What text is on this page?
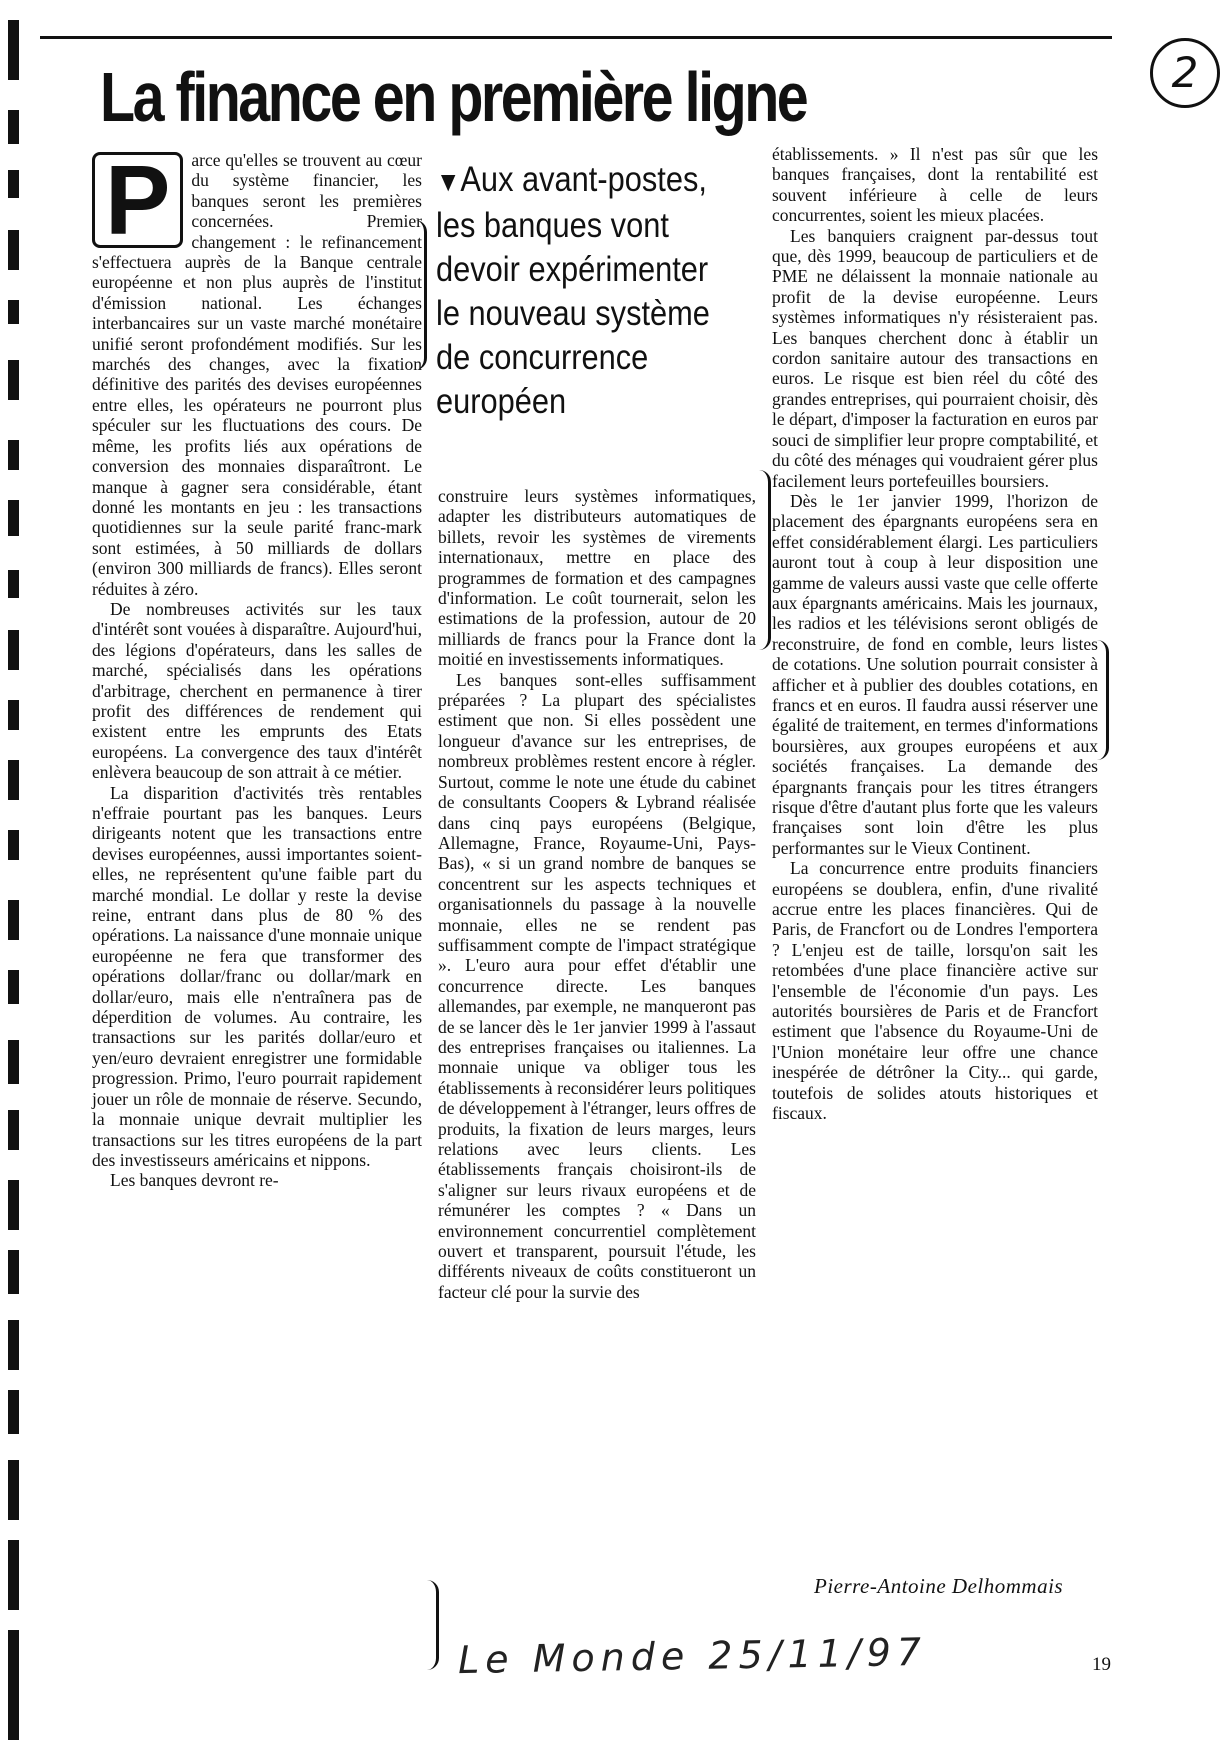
La finance en première ligne	2
▼Aux avant-postes, les banques vont devoir expérimenter le nouveau système de concurrence européen

P	arce qu'elles se trouvent au cœur du système financier, les banques seront les premières concernées. Premier changement : le refinancement s'effectuera auprès de la Banque centrale européenne et non plus auprès de l'institut d'émission national. Les échanges interbancaires sur un vaste marché monétaire unifié seront profondément modifiés. Sur les marchés des changes, avec la fixation définitive des parités des devises européennes entre elles, les opérateurs ne pourront plus spéculer sur les fluctuations des cours. De même, les profits liés aux opérations de conversion des monnaies disparaîtront. Le manque à gagner sera considérable, étant donné les montants en jeu : les transactions quotidiennes sur la seule parité franc-mark sont estimées, à 50 milliards de dollars (environ 300 milliards de francs). Elles seront réduites à zéro.

De nombreuses activités sur les taux d'intérêt sont vouées à disparaître. Aujourd'hui, des légions d'opérateurs, dans les salles de marché, spécialisés dans les opérations d'arbitrage, cherchent en permanence à tirer profit des différences de rendement qui existent entre les emprunts des Etats européens. La convergence des taux d'intérêt enlèvera beaucoup de son attrait à ce métier.

La disparition d'activités très rentables n'effraie pourtant pas les banques. Leurs dirigeants notent que les transactions entre devises européennes, aussi importantes soient-elles, ne représentent qu'une faible part du marché mondial. Le dollar y reste la devise reine, entrant dans plus de 80 % des opérations. La naissance d'une monnaie unique européenne ne fera que transformer des opérations dollar/franc ou dollar/mark en dollar/euro, mais elle n'entraînera pas de déperdition de volumes. Au contraire, les transactions sur les parités dollar/euro et yen/euro devraient enregistrer une formidable progression. Primo, l'euro pourrait rapidement jouer un rôle de monnaie de réserve. Secundo, la monnaie unique devrait multiplier les transactions sur les titres européens de la part des investisseurs américains et nippons.

Les banques devront re-

construire leurs systèmes informatiques, adapter les distributeurs automatiques de billets, revoir les systèmes de virements internationaux, mettre en place des programmes de formation et des campagnes d'information. Le coût tournerait, selon les estimations de la profession, autour de 20 milliards de francs pour la France dont la moitié en investissements informatiques.

Les banques sont-elles suffisamment préparées ? La plupart des spécialistes estiment que non. Si elles possèdent une longueur d'avance sur les entreprises, de nombreux problèmes restent encore à régler. Surtout, comme le note une étude du cabinet de consultants Coopers & Lybrand réalisée dans cinq pays européens (Belgique, Allemagne, France, Royaume-Uni, Pays-Bas), « si un grand nombre de banques se concentrent sur les aspects techniques et organisationnels du passage à la nouvelle monnaie, elles ne se rendent pas suffisamment compte de l'impact stratégique ». L'euro aura pour effet d'établir une concurrence directe. Les banques allemandes, par exemple, ne manqueront pas de se lancer dès le 1er janvier 1999 à l'assaut des entreprises françaises ou italiennes. La monnaie unique va obliger tous les établissements à reconsidérer leurs politiques de développement à l'étranger, leurs offres de produits, la fixation de leurs marges, leurs relations avec leurs clients. Les établissements français choisiront-ils de s'aligner sur leurs rivaux européens et de rémunérer les comptes ? « Dans un environnement concurrentiel complètement ouvert et transparent, poursuit l'étude, les différents niveaux de coûts constitueront un facteur clé pour la survie des

établissements. » Il n'est pas sûr que les banques françaises, dont la rentabilité est souvent inférieure à celle de leurs concurrentes, soient les mieux placées.

Les banquiers craignent par-dessus tout que, dès 1999, beaucoup de particuliers et de PME ne délaissent la monnaie nationale au profit de la devise européenne. Leurs systèmes informatiques n'y résisteraient pas. Les banques cherchent donc à établir un cordon sanitaire autour des transactions en euros. Le risque est bien réel du côté des grandes entreprises, qui pourraient choisir, dès le départ, d'imposer la facturation en euros par souci de simplifier leur propre comptabilité, et du côté des ménages qui voudraient gérer plus facilement leurs portefeuilles boursiers.

Dès le 1er janvier 1999, l'horizon de placement des épargnants européens sera en effet considérablement élargi. Les particuliers auront tout à coup à leur disposition une gamme de valeurs aussi vaste que celle offerte aux épargnants américains. Mais les journaux, les radios et les télévisions seront obligés de reconstruire, de fond en comble, leurs listes de cotations. Une solution pourrait consister à afficher et à publier des doubles cotations, en francs et en euros. Il faudra aussi réserver une égalité de traitement, en termes d'informations boursières, aux groupes européens et aux sociétés françaises. La demande des épargnants français pour les titres étrangers risque d'être d'autant plus forte que les valeurs françaises sont loin d'être les plus performantes sur le Vieux Continent.

La concurrence entre produits financiers européens se doublera, enfin, d'une rivalité accrue entre les places financières. Qui de Paris, de Francfort ou de Londres l'emportera ? L'enjeu est de taille, lorsqu'on sait les retombées d'une place financière active sur l'ensemble de l'économie d'un pays. Les autorités boursières de Paris et de Francfort estiment que l'absence du Royaume-Uni de l'Union monétaire leur offre une chance inespérée de détrôner la City... qui garde, toutefois de solides atouts historiques et fiscaux.

Pierre-Antoine Delhommais
Le Monde 25/11/97	19
